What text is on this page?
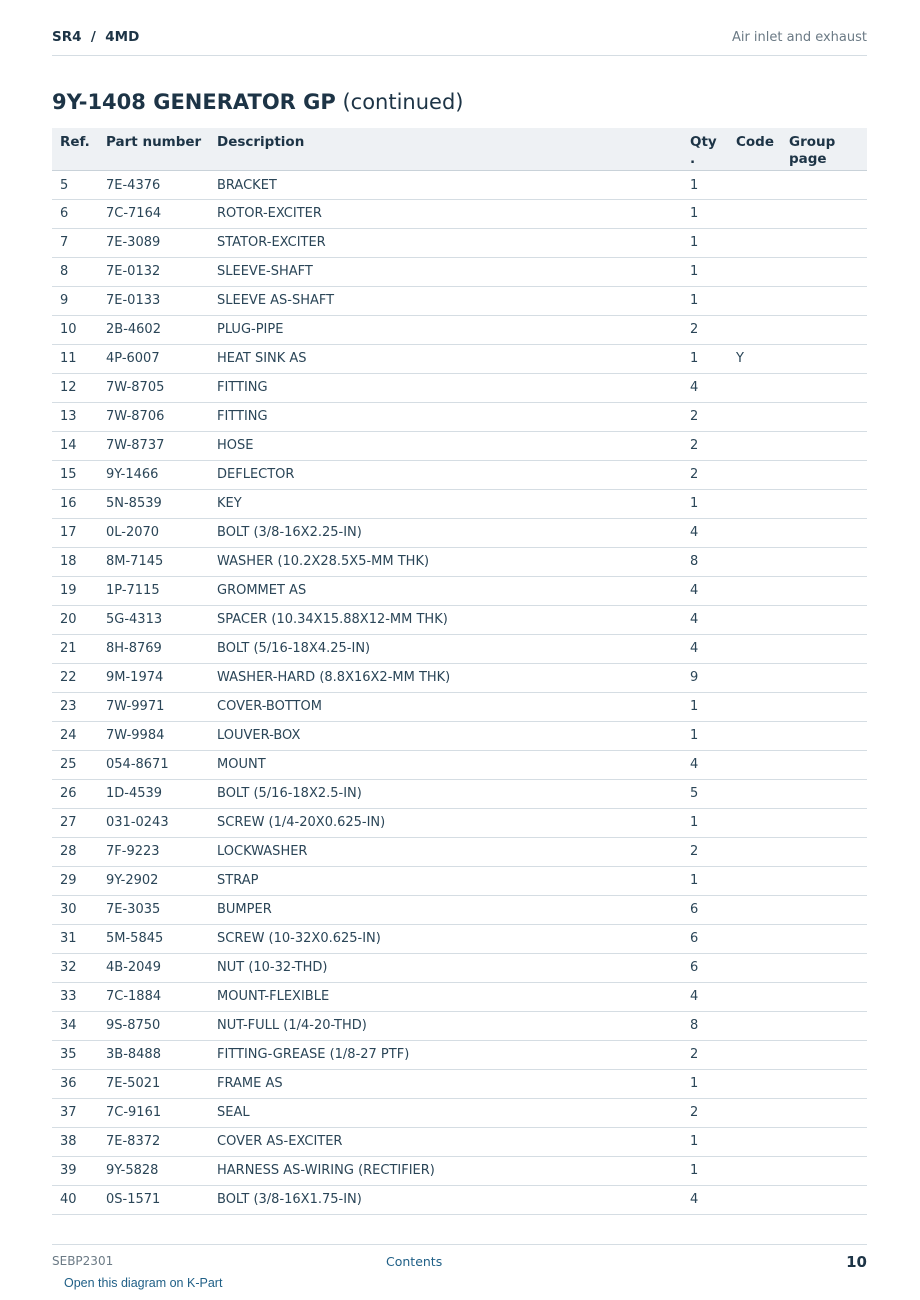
SR4  /  4MD	Air inlet and exhaust
9Y-1408 GENERATOR GP (continued)
Ref.	Part number	Description	Qty .	Code	Group page
5	7E-4376	BRACKET	1		
6	7C-7164	ROTOR-EXCITER	1		
7	7E-3089	STATOR-EXCITER	1		
8	7E-0132	SLEEVE-SHAFT	1		
9	7E-0133	SLEEVE AS-SHAFT	1		
10	2B-4602	PLUG-PIPE	2		
11	4P-6007	HEAT SINK AS	1	Y	
12	7W-8705	FITTING	4		
13	7W-8706	FITTING	2		
14	7W-8737	HOSE	2		
15	9Y-1466	DEFLECTOR	2		
16	5N-8539	KEY	1		
17	0L-2070	BOLT (3/8-16X2.25-IN)	4		
18	8M-7145	WASHER (10.2X28.5X5-MM THK)	8		
19	1P-7115	GROMMET AS	4		
20	5G-4313	SPACER (10.34X15.88X12-MM THK)	4		
21	8H-8769	BOLT (5/16-18X4.25-IN)	4		
22	9M-1974	WASHER-HARD (8.8X16X2-MM THK)	9		
23	7W-9971	COVER-BOTTOM	1		
24	7W-9984	LOUVER-BOX	1		
25	054-8671	MOUNT	4		
26	1D-4539	BOLT (5/16-18X2.5-IN)	5		
27	031-0243	SCREW (1/4-20X0.625-IN)	1		
28	7F-9223	LOCKWASHER	2		
29	9Y-2902	STRAP	1		
30	7E-3035	BUMPER	6		
31	5M-5845	SCREW (10-32X0.625-IN)	6		
32	4B-2049	NUT (10-32-THD)	6		
33	7C-1884	MOUNT-FLEXIBLE	4		
34	9S-8750	NUT-FULL (1/4-20-THD)	8		
35	3B-8488	FITTING-GREASE (1/8-27 PTF)	2		
36	7E-5021	FRAME AS	1		
37	7C-9161	SEAL	2		
38	7E-8372	COVER AS-EXCITER	1		
39	9Y-5828	HARNESS AS-WIRING (RECTIFIER)	1		
40	0S-1571	BOLT (3/8-16X1.75-IN)	4		
SEBP2301	Contents	10
Open this diagram on K-Part
